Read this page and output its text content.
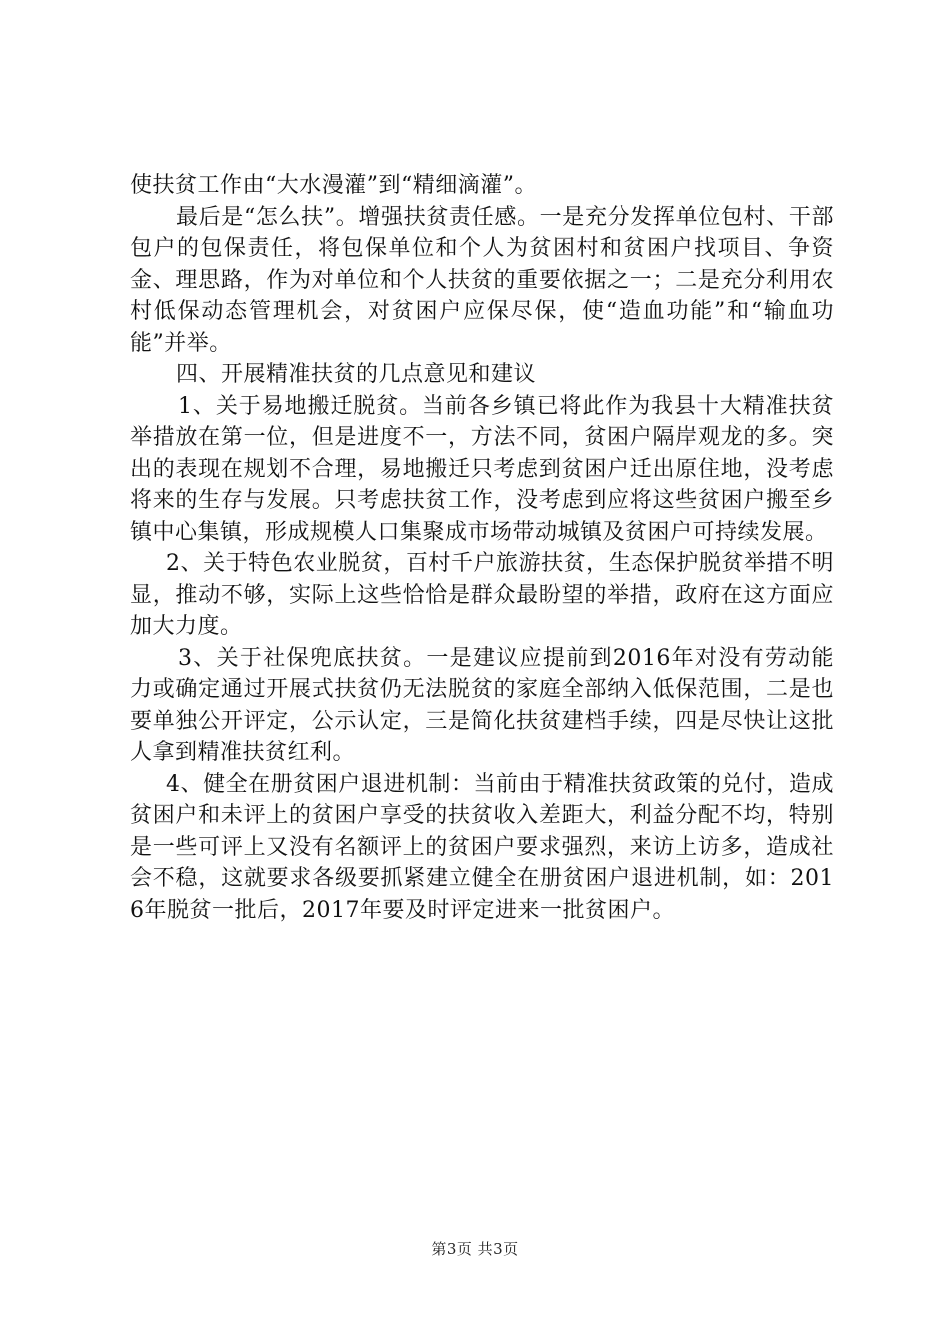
使扶贫工作由“大水漫灌”到“精细滴灌”。

最后是“怎么扶”。增强扶贫责任感。一是充分发挥单位包村、干部包户的包保责任，将包保单位和个人为贫困村和贫困户找项目、争资金、理思路，作为对单位和个人扶贫的重要依据之一；二是充分利用农村低保动态管理机会，对贫困户应保尽保，使“造血功能”和“输血功能”并举。

四、开展精准扶贫的几点意见和建议

1、关于易地搬迁脱贫。当前各乡镇已将此作为我县十大精准扶贫举措放在第一位，但是进度不一，方法不同，贫困户隔岸观龙的多。突出的表现在规划不合理，易地搬迁只考虑到贫困户迁出原住地，没考虑将来的生存与发展。只考虑扶贫工作，没考虑到应将这些贫困户搬至乡镇中心集镇，形成规模人口集聚成市场带动城镇及贫困户可持续发展。

2、关于特色农业脱贫，百村千户旅游扶贫，生态保护脱贫举措不明显，推动不够，实际上这些恰恰是群众最盼望的举措，政府在这方面应加大力度。

3、关于社保兜底扶贫。一是建议应提前到2016年对没有劳动能力或确定通过开展式扶贫仍无法脱贫的家庭全部纳入低保范围，二是也要单独公开评定，公示认定，三是简化扶贫建档手续，四是尽快让这批人拿到精准扶贫红利。

4、健全在册贫困户退进机制：当前由于精准扶贫政策的兑付，造成贫困户和未评上的贫困户享受的扶贫收入差距大，利益分配不均，特别是一些可评上又没有名额评上的贫困户要求强烈，来访上访多，造成社会不稳，这就要求各级要抓紧建立健全在册贫困户退进机制，如：2016年脱贫一批后，2017年要及时评定进来一批贫困户。

第3页 共3页
